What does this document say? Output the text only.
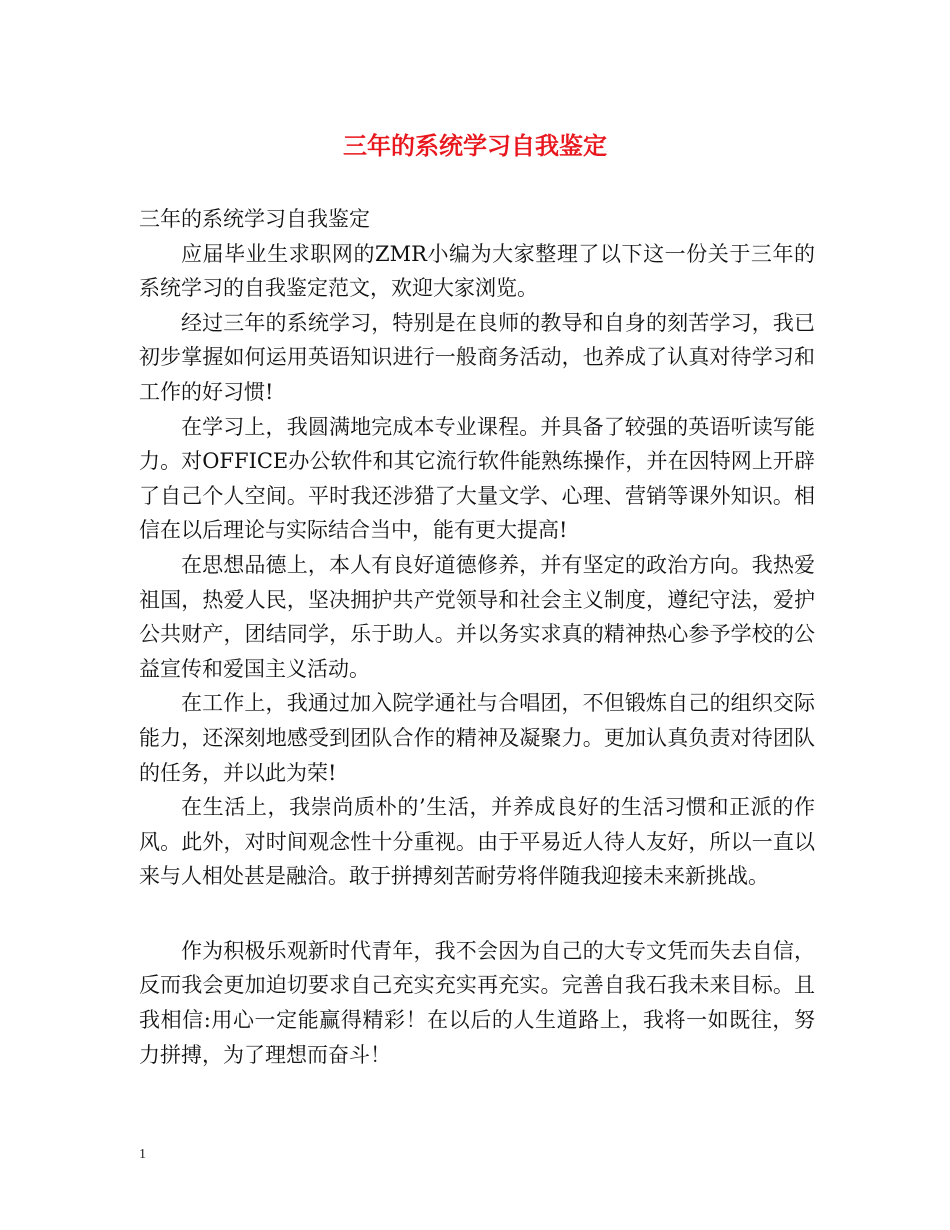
三年的系统学习自我鉴定

三年的系统学习自我鉴定

应届毕业生求职网的ZMR小编为大家整理了以下这一份关于三年的系统学习的自我鉴定范文，欢迎大家浏览。

经过三年的系统学习，特别是在良师的教导和自身的刻苦学习，我已初步掌握如何运用英语知识进行一般商务活动，也养成了认真对待学习和工作的好习惯!

在学习上，我圆满地完成本专业课程。并具备了较强的英语听读写能力。对OFFICE办公软件和其它流行软件能熟练操作，并在因特网上开辟了自己个人空间。平时我还涉猎了大量文学、心理、营销等课外知识。相信在以后理论与实际结合当中，能有更大提高!

在思想品德上，本人有良好道德修养，并有坚定的政治方向。我热爱祖国，热爱人民，坚决拥护共产党领导和社会主义制度，遵纪守法，爱护公共财产，团结同学，乐于助人。并以务实求真的精神热心参予学校的公益宣传和爱国主义活动。

在工作上，我通过加入院学通社与合唱团，不但锻炼自己的组织交际能力，还深刻地感受到团队合作的精神及凝聚力。更加认真负责对待团队的任务，并以此为荣!

在生活上，我崇尚质朴的’生活，并养成良好的生活习惯和正派的作风。此外，对时间观念性十分重视。由于平易近人待人友好，所以一直以来与人相处甚是融洽。敢于拼搏刻苦耐劳将伴随我迎接未来新挑战。

作为积极乐观新时代青年，我不会因为自己的大专文凭而失去自信，反而我会更加迫切要求自己充实充实再充实。完善自我石我未来目标。且我相信:用心一定能赢得精彩！在以后的人生道路上，我将一如既往，努力拼搏，为了理想而奋斗！

1
